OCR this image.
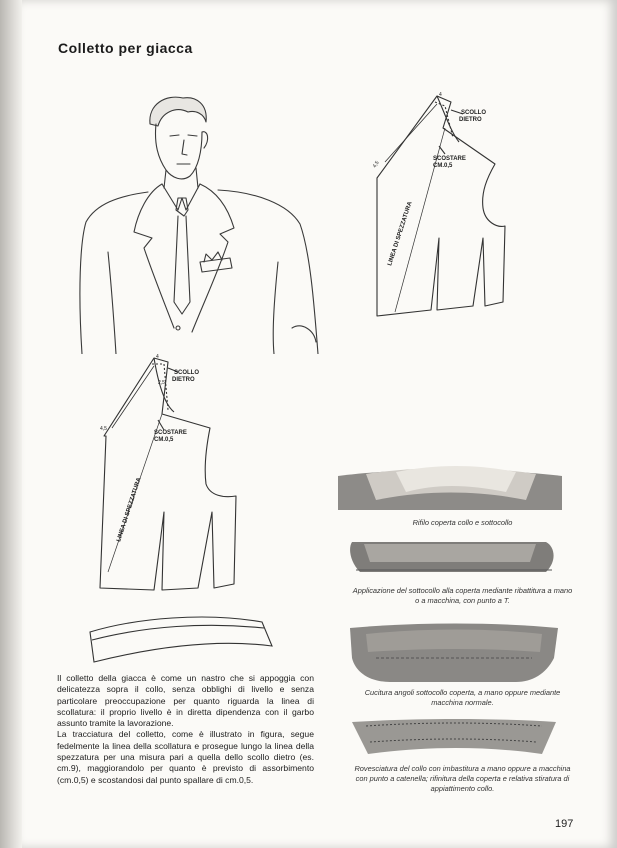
Colletto per giacca
SCOLLO
DIETRO
SCOSTARE
CM.0,5
4,5
4
LINEA DI SPEZZATURA
SCOLLO
DIETRO
SCOSTARE
CM.0,5
4,5
4
2,5
LINEA DI SPEZZATURA	Rifilo coperta collo e sottocollo
Applicazione del sottocollo alla coperta mediante ribattitura a mano o a macchina, con punto a T.
Cucitura angoli sottocollo coperta, a mano oppure mediante macchina normale.
Rovesciatura del collo con imbastitura a mano oppure a macchina con punto a catenella; rifinitura della coperta e relativa stiratura di appiattimento collo.

Il colletto della giacca è come un nastro che si appoggia con delicatezza sopra il collo, senza obblighi di livello e senza particolare preoccupazione per quanto riguarda la linea di scollatura: il proprio livello è in diretta dipendenza con il garbo assunto tramite la lavorazione.

La tracciatura del colletto, come è illustrato in figura, segue fedelmente la linea della scollatura e prosegue lungo la linea della spezzatura per una misura pari a quella dello scollo dietro (es. cm.9), maggiorandolo per quanto è previsto di assorbimento (cm.0,5) e scostandosi dal punto spallare di cm.0,5.

197
